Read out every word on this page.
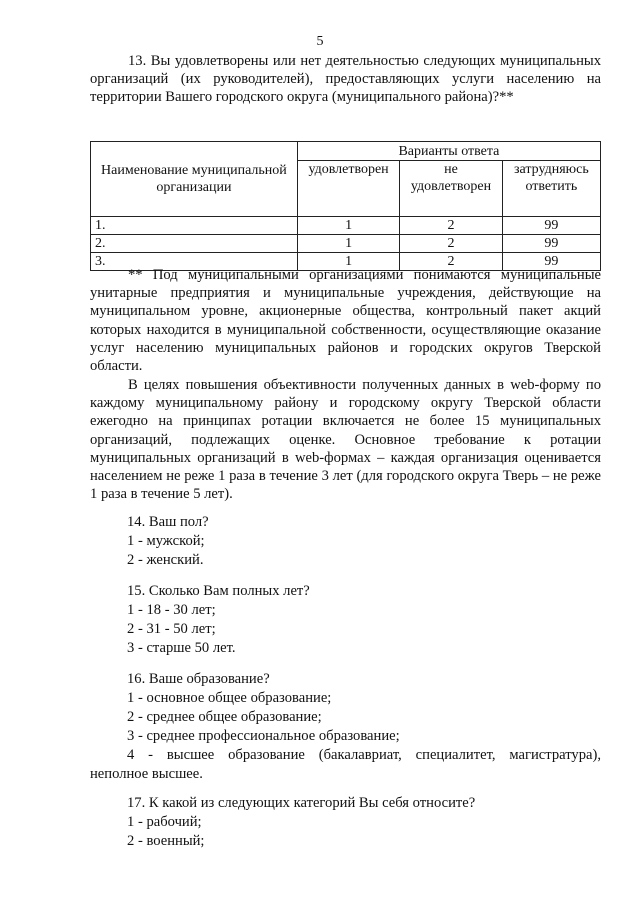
5

13. Вы удовлетворены или нет деятельностью следующих муниципальных организаций (их руководителей), предоставляющих услуги населению на территории Вашего городского округа (муниципального района)?**

Наименование муниципальной организации	Варианты ответа		
	удовлетворен	не удовлетворен	затрудняюсь ответить
1.	1	2	99
2.	1	2	99
3.	1	2	99

** Под муниципальными организациями понимаются муниципальные унитарные предприятия и муниципальные учреждения, действующие на муниципальном уровне, акционерные общества, контрольный пакет акций которых находится в муниципальной собственности, осуществляющие оказание услуг населению муниципальных районов и городских округов Тверской области.

В целях повышения объективности полученных данных в web-форму по каждому муниципальному району и городскому округу Тверской области ежегодно на принципах ротации включается не более 15 муниципальных организаций, подлежащих оценке. Основное требование к ротации муниципальных организаций в web-формах – каждая организация оценивается населением не реже 1 раза в течение 3 лет (для городского округа Тверь – не реже 1 раза в течение 5 лет).

14. Ваш пол?
1 - мужской;
2 - женский.
15. Сколько Вам полных лет?
1 - 18 - 30 лет;
2 - 31 - 50 лет;
3 - старше 50 лет.
16. Ваше образование?
1 - основное общее образование;
2 - среднее общее образование;
3 - среднее профессиональное образование;
4 - высшее образование (бакалавриат, специалитет, магистратура), неполное высшее.
17. К какой из следующих категорий Вы себя относите?
1 - рабочий;
2 - военный;
